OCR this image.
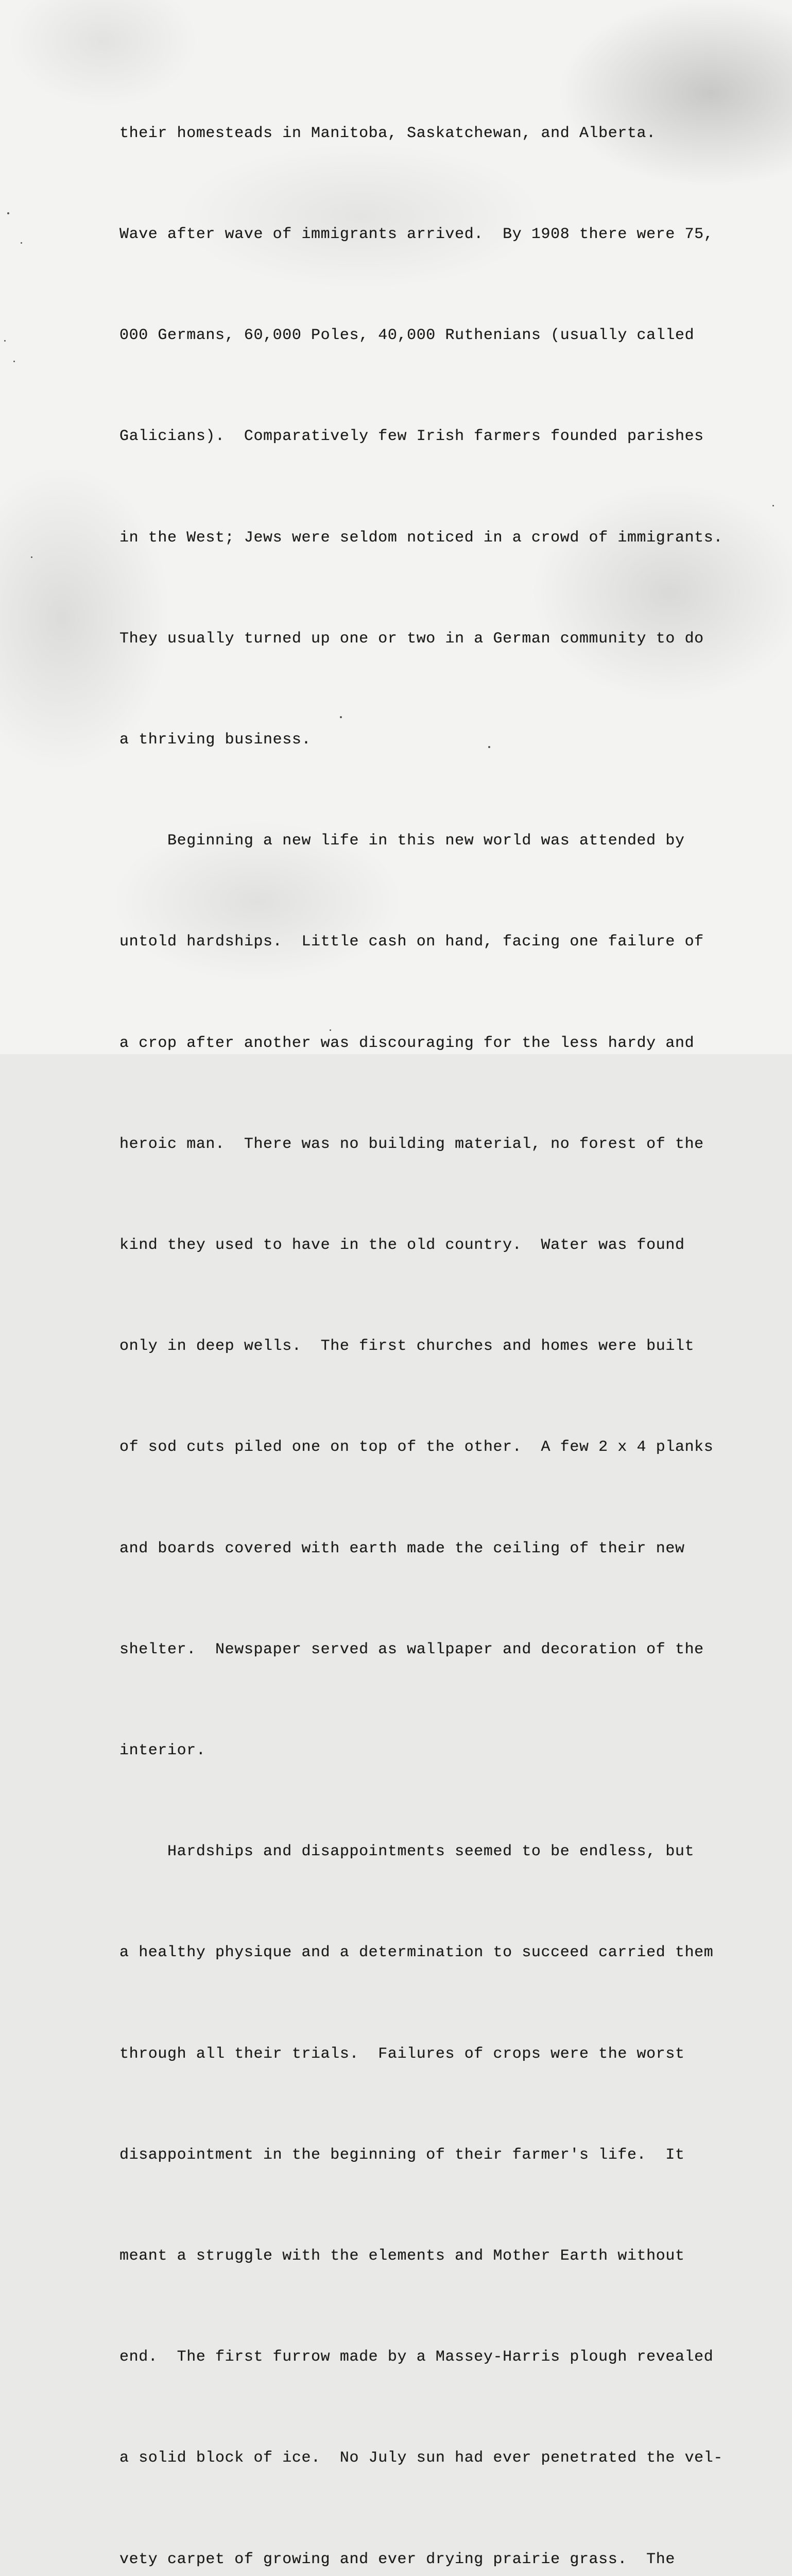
their homesteads in Manitoba, Saskatchewan, and Alberta.

Wave after wave of immigrants arrived.  By 1908 there were 75,

000 Germans, 60,000 Poles, 40,000 Ruthenians (usually called

Galicians).  Comparatively few Irish farmers founded parishes

in the West; Jews were seldom noticed in a crowd of immigrants.

They usually turned up one or two in a German community to do

a thriving business.

Beginning a new life in this new world was attended by

untold hardships.  Little cash on hand, facing one failure of

a crop after another was discouraging for the less hardy and

heroic man.  There was no building material, no forest of the

kind they used to have in the old country.  Water was found

only in deep wells.  The first churches and homes were built

of sod cuts piled one on top of the other.  A few 2 x 4 planks

and boards covered with earth made the ceiling of their new

shelter.  Newspaper served as wallpaper and decoration of the

interior.

Hardships and disappointments seemed to be endless, but

a healthy physique and a determination to succeed carried them

through all their trials.  Failures of crops were the worst

disappointment in the beginning of their farmer's life.  It

meant a struggle with the elements and Mother Earth without

end.  The first furrow made by a Massey-Harris plough revealed

a solid block of ice.  No July sun had ever penetrated the vel-

vety carpet of growing and ever drying prairie grass.  The
